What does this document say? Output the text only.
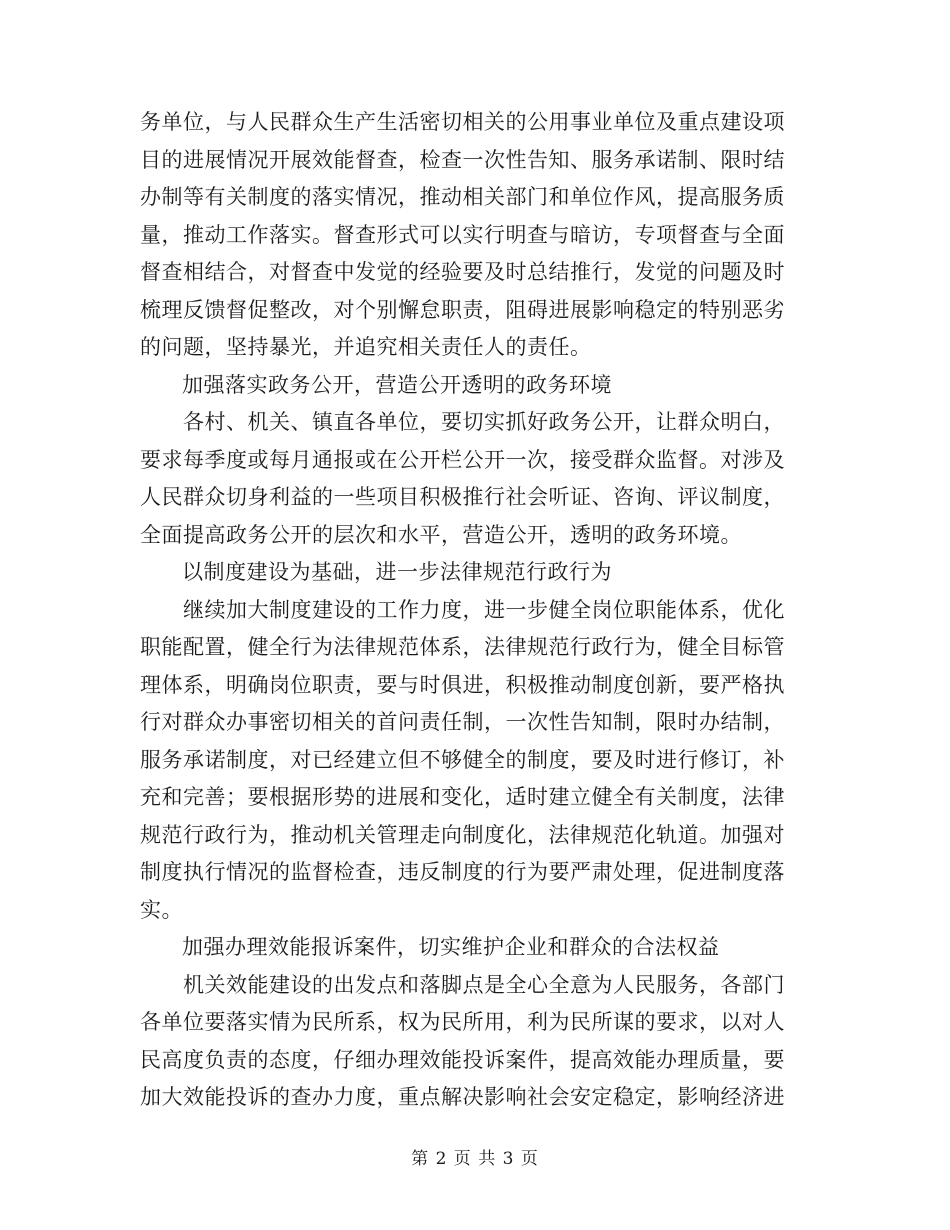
务单位，与人民群众生产生活密切相关的公用事业单位及重点建设项
目的进展情况开展效能督查，检查一次性告知、服务承诺制、限时结
办制等有关制度的落实情况，推动相关部门和单位作风，提高服务质
量，推动工作落实。督查形式可以实行明查与暗访，专项督查与全面
督查相结合，对督查中发觉的经验要及时总结推行，发觉的问题及时
梳理反馈督促整改，对个别懈怠职责，阻碍进展影响稳定的特别恶劣
的问题，坚持暴光，并追究相关责任人的责任。
加强落实政务公开，营造公开透明的政务环境
　　各村、机关、镇直各单位，要切实抓好政务公开，让群众明白，
要求每季度或每月通报或在公开栏公开一次，接受群众监督。对涉及
人民群众切身利益的一些项目积极推行社会听证、咨询、评议制度，
全面提高政务公开的层次和水平，营造公开，透明的政务环境。
以制度建设为基础，进一步法律规范行政行为
　　继续加大制度建设的工作力度，进一步健全岗位职能体系，优化
职能配置，健全行为法律规范体系，法律规范行政行为，健全目标管
理体系，明确岗位职责，要与时俱进，积极推动制度创新，要严格执
行对群众办事密切相关的首问责任制，一次性告知制，限时办结制，
服务承诺制度，对已经建立但不够健全的制度，要及时进行修订，补
充和完善；要根据形势的进展和变化，适时建立健全有关制度，法律
规范行政行为，推动机关管理走向制度化，法律规范化轨道。加强对
制度执行情况的监督检查，违反制度的行为要严肃处理，促进制度落
实。
加强办理效能报诉案件，切实维护企业和群众的合法权益
　　机关效能建设的出发点和落脚点是全心全意为人民服务，各部门
各单位要落实情为民所系，权为民所用，利为民所谋的要求，以对人
民高度负责的态度，仔细办理效能投诉案件，提高效能办理质量，要
加大效能投诉的查办力度，重点解决影响社会安定稳定，影响经济进
第 2 页 共 3 页
